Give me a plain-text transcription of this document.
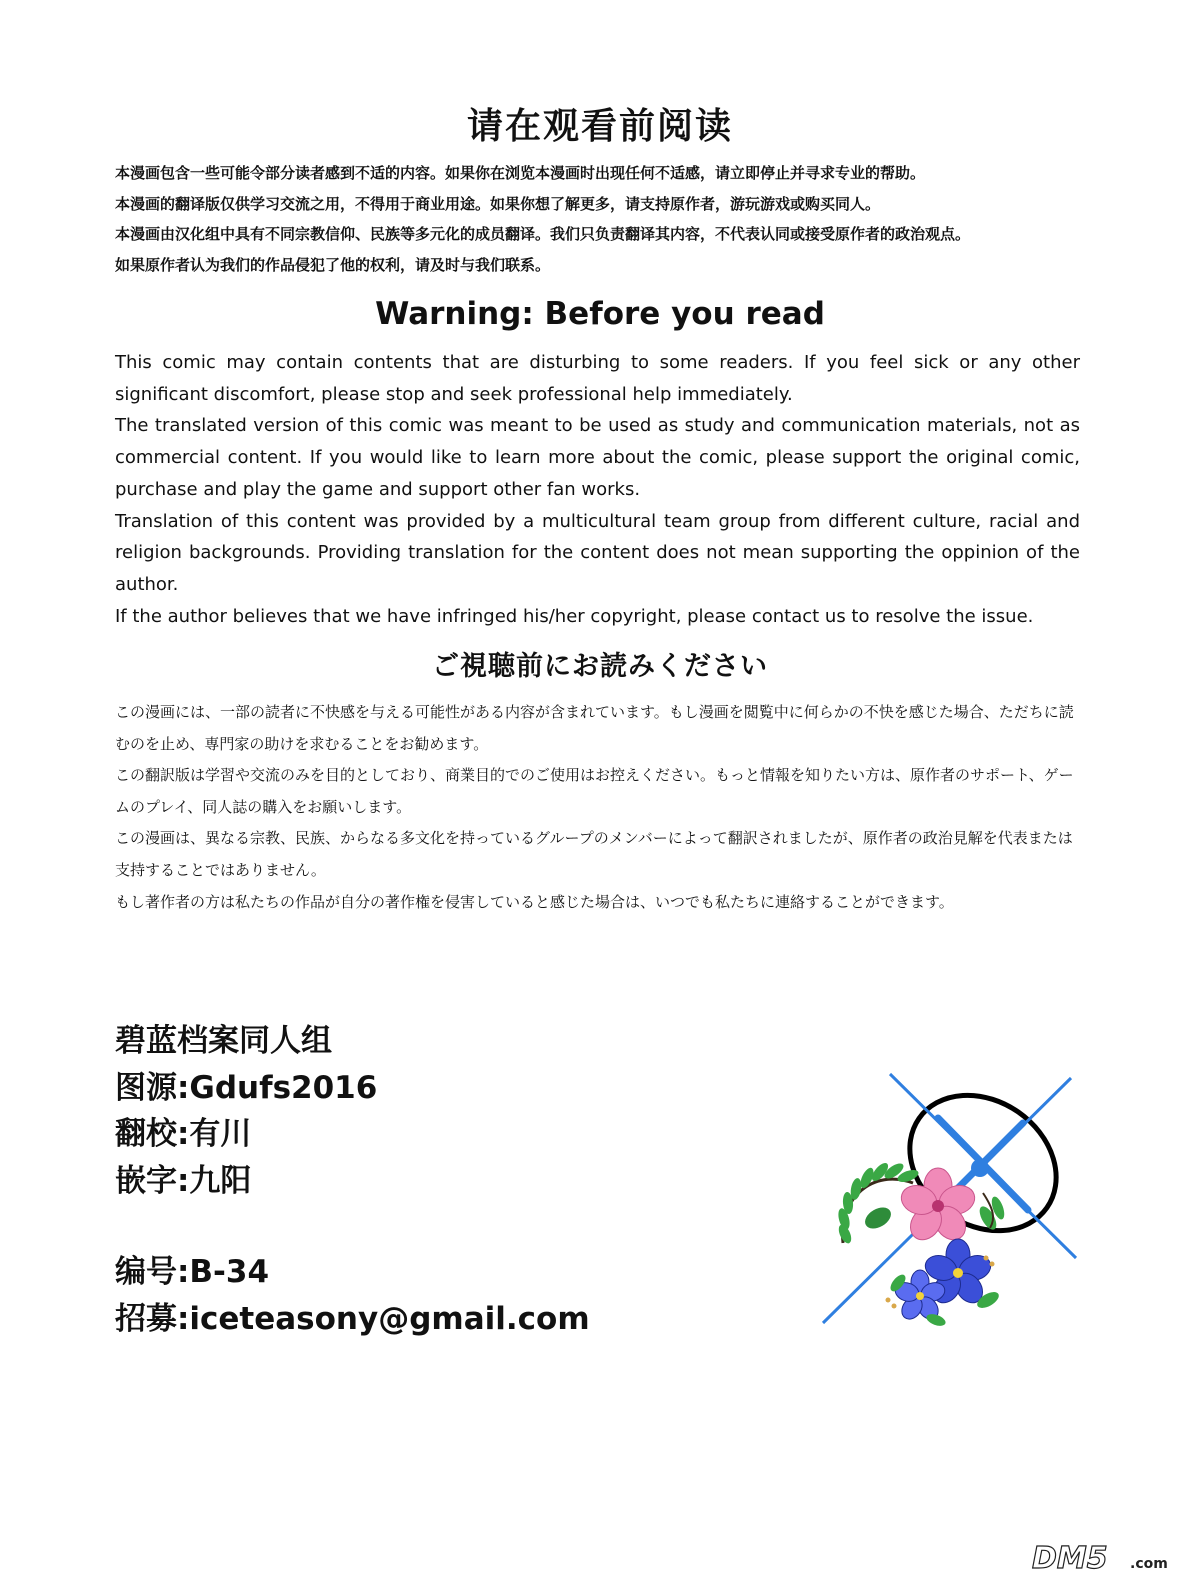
请在观看前阅读

本漫画包含一些可能令部分读者感到不适的内容。如果你在浏览本漫画时出现任何不适感，请立即停止并寻求专业的帮助。

本漫画的翻译版仅供学习交流之用，不得用于商业用途。如果你想了解更多，请支持原作者，游玩游戏或购买同人。

本漫画由汉化组中具有不同宗教信仰、民族等多元化的成员翻译。我们只负责翻译其内容，不代表认同或接受原作者的政治观点。

如果原作者认为我们的作品侵犯了他的权利，请及时与我们联系。

Warning: Before you read

This comic may contain contents that are disturbing to some readers. If you feel sick or any other significant discomfort, please stop and seek professional help immediately.

The translated version of this comic was meant to be used as study and communication materials, not as commercial content. If you would like to learn more about the comic, please support the original comic, purchase and play the game and support other fan works.

Translation of this content was provided by a multicultural team group from different culture, racial and religion backgrounds. Providing translation for the content does not mean supporting the oppinion of the author.

If the author believes that we have infringed his/her copyright, please contact us to resolve the issue.

ご視聴前にお読みください

この漫画には、一部の読者に不快感を与える可能性がある内容が含まれています。もし漫画を閲覧中に何らかの不快を感じた場合、ただちに読むのを止め、専門家の助けを求むることをお勧めます。

この翻訳版は学習や交流のみを目的としており、商業目的でのご使用はお控えください。もっと情報を知りたい方は、原作者のサポート、ゲームのプレイ、同人誌の購入をお願いします。

この漫画は、異なる宗教、民族、からなる多文化を持っているグループのメンバーによって翻訳されましたが、原作者の政治見解を代表または支持することではありません。

もし著作者の方は私たちの作品が自分の著作権を侵害していると感じた場合は、いつでも私たちに連絡することができます。

碧蓝档案同人组
图源:Gdufs2016
翻校:有川
嵌字:九阳
编号:B-34
招募:iceteasony@gmail.com
DM5 .com
